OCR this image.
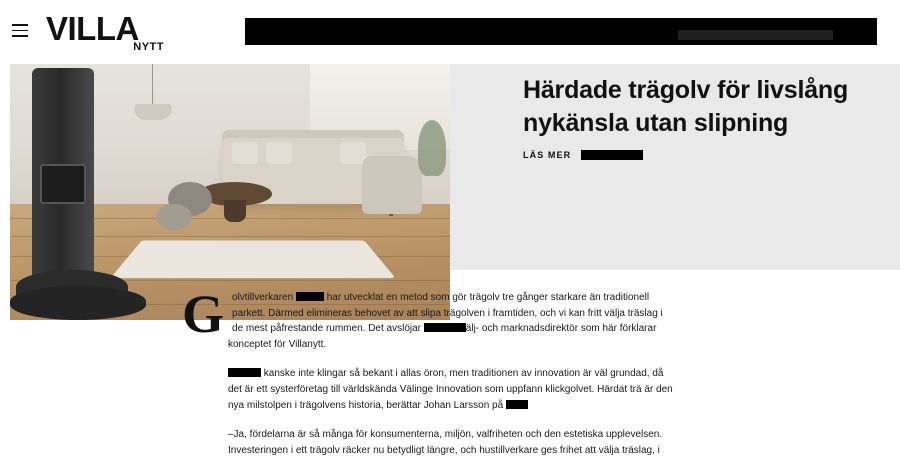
Härdade trägolv för livslång nykänsla utan slipning
LÄS MER
VILLA
NYTT

Golvtillverkaren	har utvecklat en metod som gör trägolv tre gånger starkare än traditionell parkett. Därmed elimineras behovet av att slipa trägolven i framtiden, och vi kan fritt välja träslag i de mest påfrestande rummen. Det avslöjar	älj- och marknadsdirektör som här förklarar konceptet för Villanytt.

kanske inte klingar så bekant i allas öron, men traditionen av innovation är väl grundad, då det är ett systerföretag till världskända Välinge Innovation som uppfann klickgolvet. Härdat trä är den nya milstolpen i trägolvens historia, berättar Johan Larsson på

–Ja, fördelarna är så många för konsumenterna, miljön, valfriheten och den estetiska upplevelsen. Investeringen i ett trägolv räcker nu betydligt längre, och hustillverkare ges frihet att välja träslag, i
